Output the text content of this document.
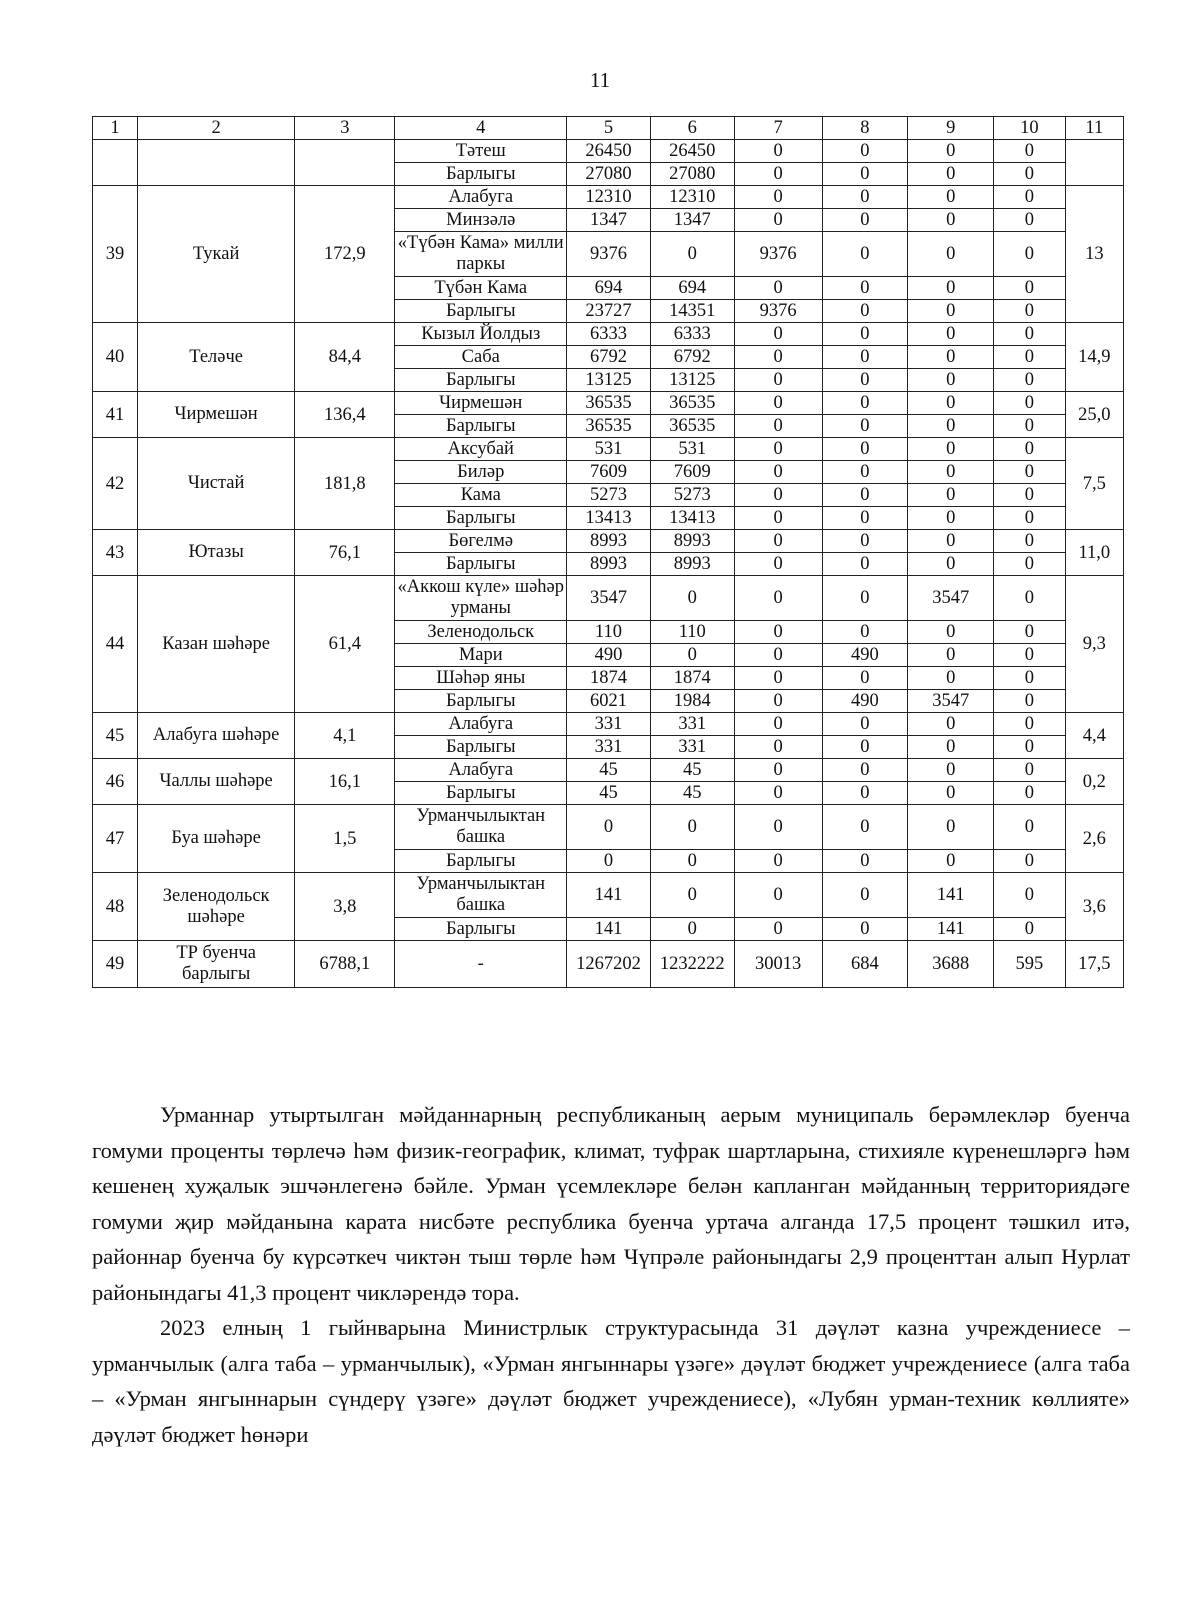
11
1	2	3	4	5	6	7	8	9	10	11
			Тәтеш	26450	26450	0	0	0	0	
			Барлыгы	27080	27080	0	0	0	0	
39	Тукай	172,9	Алабуга	12310	12310	0	0	0	0	13
			Минзәлә	1347	1347	0	0	0	0	
			«Түбән Кама» милли паркы	9376	0	9376	0	0	0	
			Түбән Кама	694	694	0	0	0	0	
			Барлыгы	23727	14351	9376	0	0	0	
40	Теләче	84,4	Кызыл Йолдыз	6333	6333	0	0	0	0	14,9
			Саба	6792	6792	0	0	0	0	
			Барлыгы	13125	13125	0	0	0	0	
41	Чирмешән	136,4	Чирмешән	36535	36535	0	0	0	0	25,0
			Барлыгы	36535	36535	0	0	0	0	
42	Чистай	181,8	Аксубай	531	531	0	0	0	0	7,5
			Биләр	7609	7609	0	0	0	0	
			Кама	5273	5273	0	0	0	0	
			Барлыгы	13413	13413	0	0	0	0	
43	Ютазы	76,1	Бөгелмә	8993	8993	0	0	0	0	11,0
			Барлыгы	8993	8993	0	0	0	0	
44	Казан шәһәре	61,4	«Аккош күле» шәһәр урманы	3547	0	0	0	3547	0	9,3
			Зеленодольск	110	110	0	0	0	0	
			Мари	490	0	0	490	0	0	
			Шәһәр яны	1874	1874	0	0	0	0	
			Барлыгы	6021	1984	0	490	3547	0	
45	Алабуга шәһәре	4,1	Алабуга	331	331	0	0	0	0	4,4
			Барлыгы	331	331	0	0	0	0	
46	Чаллы шәһәре	16,1	Алабуга	45	45	0	0	0	0	0,2
			Барлыгы	45	45	0	0	0	0	
47	Буа шәһәре	1,5	Урманчылыктан башка	0	0	0	0	0	0	2,6
			Барлыгы	0	0	0	0	0	0	
48	Зеленодольск шәһәре	3,8	Урманчылыктан башка	141	0	0	0	141	0	3,6
			Барлыгы	141	0	0	0	141	0	
49	ТР буенча барлыгы	6788,1	-	1267202	1232222	30013	684	3688	595	17,5

Урманнар утыртылган мәйданнарның республиканың аерым муниципаль берәмлекләр буенча гомуми проценты төрлечә һәм физик-географик, климат, туфрак шартларына, стихияле күренешләргә һәм кешенең хуҗалык эшчәнлегенә бәйле. Урман үсемлекләре белән капланган мәйданның территориядәге гомуми җир мәйданына карата нисбәте республика буенча уртача алганда 17,5 процент тәшкил итә, районнар буенча бу күрсәткеч чиктән тыш төрле һәм Чүпрәле районындагы 2,9 проценттан алып Нурлат районындагы 41,3 процент чикләрендә тора.

2023 елның 1 гыйнварына Министрлык структурасында 31 дәүләт казна учреждениесе – урманчылык (алга таба – урманчылык), «Урман янгыннары үзәге» дәүләт бюджет учреждениесе (алга таба – «Урман янгыннарын сүндерү үзәге» дәүләт бюджет учреждениесе), «Лубян урман-техник көллияте» дәүләт бюджет һөнәри
